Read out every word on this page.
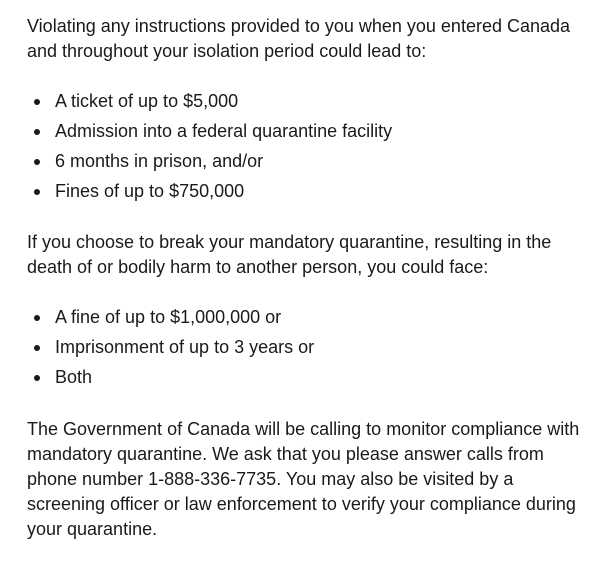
Violating any instructions provided to you when you entered Canada and throughout your isolation period could lead to:

A ticket of up to $5,000
Admission into a federal quarantine facility
6 months in prison, and/or
Fines of up to $750,000

If you choose to break your mandatory quarantine, resulting in the death of or bodily harm to another person, you could face:

A fine of up to $1,000,000 or
Imprisonment of up to 3 years or
Both

The Government of Canada will be calling to monitor compliance with mandatory quarantine. We ask that you please answer calls from phone number 1-888-336-7735. You may also be visited by a screening officer or law enforcement to verify your compliance during your quarantine.
